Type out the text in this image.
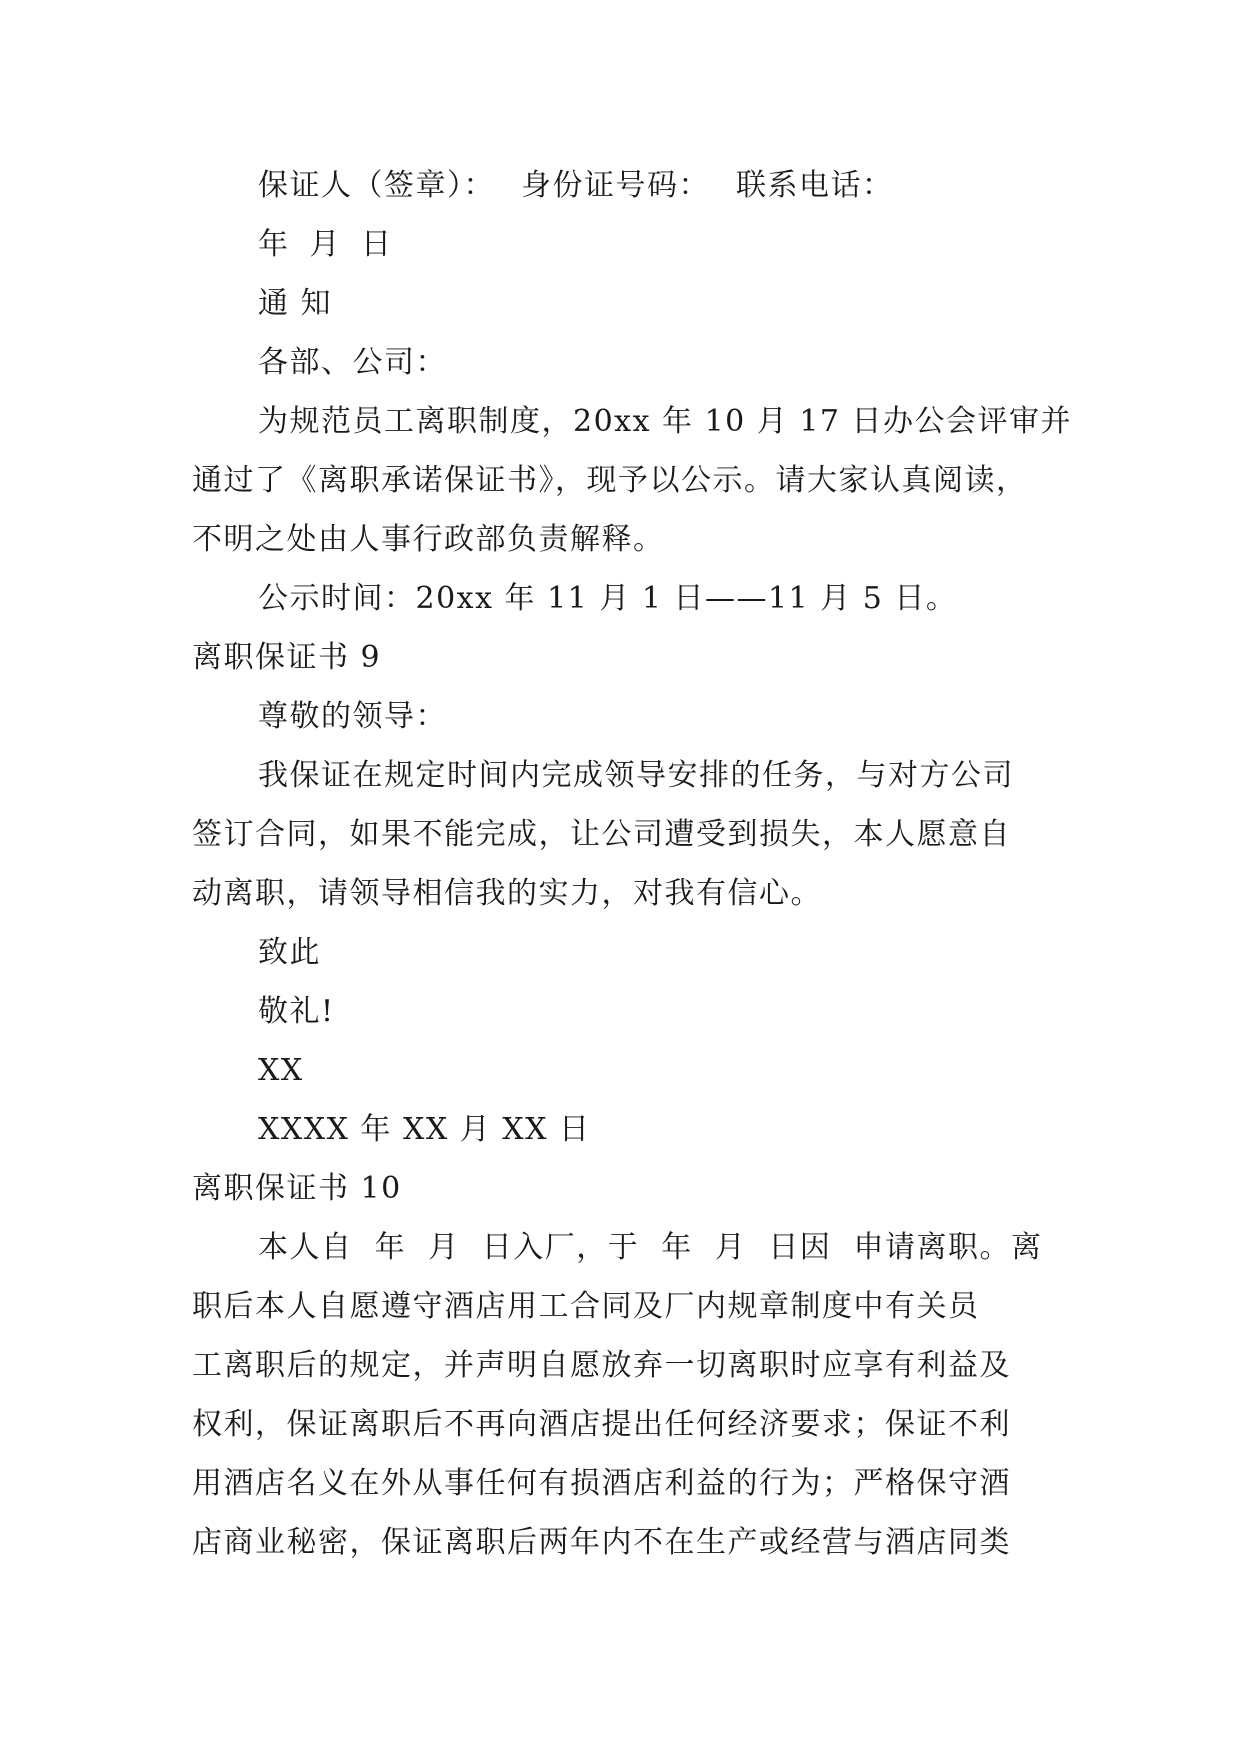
保证人（签章）： 身份证号码： 联系电话：
年 月 日
通 知
各部、公司：
为规范员工离职制度，20xx 年 10 月 17 日办公会评审并
通过了《离职承诺保证书》，现予以公示。请大家认真阅读，
不明之处由人事行政部负责解释。
公示时间：20xx 年 11 月 1 日——11 月 5 日。
离职保证书 9
尊敬的领导：
我保证在规定时间内完成领导安排的任务，与对方公司
签订合同，如果不能完成，让公司遭受到损失，本人愿意自
动离职，请领导相信我的实力，对我有信心。
致此
敬礼!
XX
XXXX 年 XX 月 XX 日
离职保证书 10
本人自  年  月  日入厂，于  年  月  日因  申请离职。离
职后本人自愿遵守酒店用工合同及厂内规章制度中有关员
工离职后的规定，并声明自愿放弃一切离职时应享有利益及
权利，保证离职后不再向酒店提出任何经济要求；保证不利
用酒店名义在外从事任何有损酒店利益的行为；严格保守酒
店商业秘密，保证离职后两年内不在生产或经营与酒店同类
